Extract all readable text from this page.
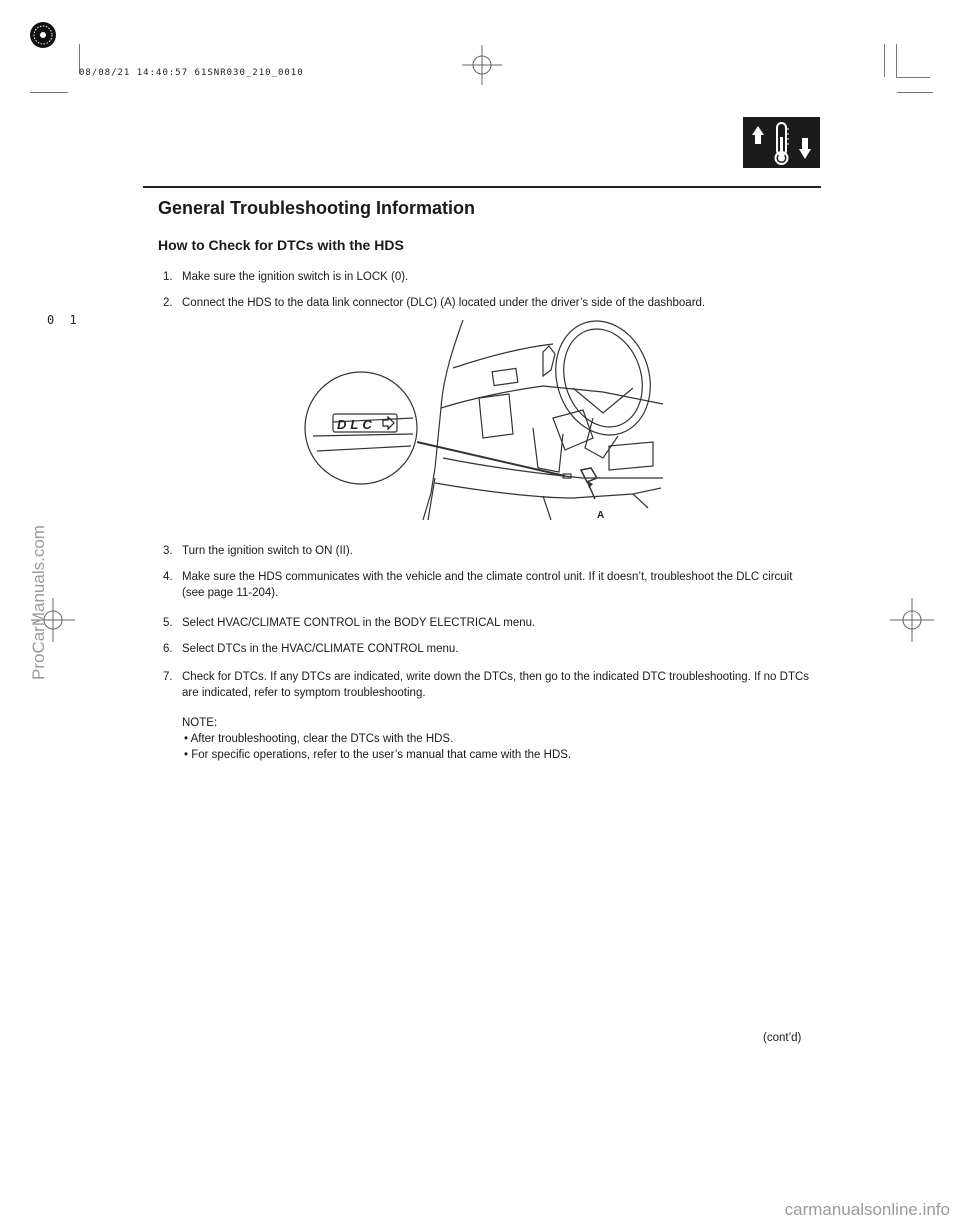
08/08/21 14:40:57 61SNR030_210_0010
0 1
General Troubleshooting Information
How to Check for DTCs with the HDS
1. Make sure the ignition switch is in LOCK (0).
2. Connect the HDS to the data link connector (DLC) (A) located under the driver’s side of the dashboard.
DLC
A
3. Turn the ignition switch to ON (II).
4. Make sure the HDS communicates with the vehicle and the climate control unit. If it doesn’t, troubleshoot the DLC circuit (see page 11-204).
5. Select HVAC/CLIMATE CONTROL in the BODY ELECTRICAL menu.
6. Select DTCs in the HVAC/CLIMATE CONTROL menu.
7. Check for DTCs. If any DTCs are indicated, write down the DTCs, then go to the indicated DTC troubleshooting. If no DTCs are indicated, refer to symptom troubleshooting.
NOTE:
• After troubleshooting, clear the DTCs with the HDS.
• For specific operations, refer to the user’s manual that came with the HDS.
(cont’d)
ProCarManuals.com
carmanualsonline.info
